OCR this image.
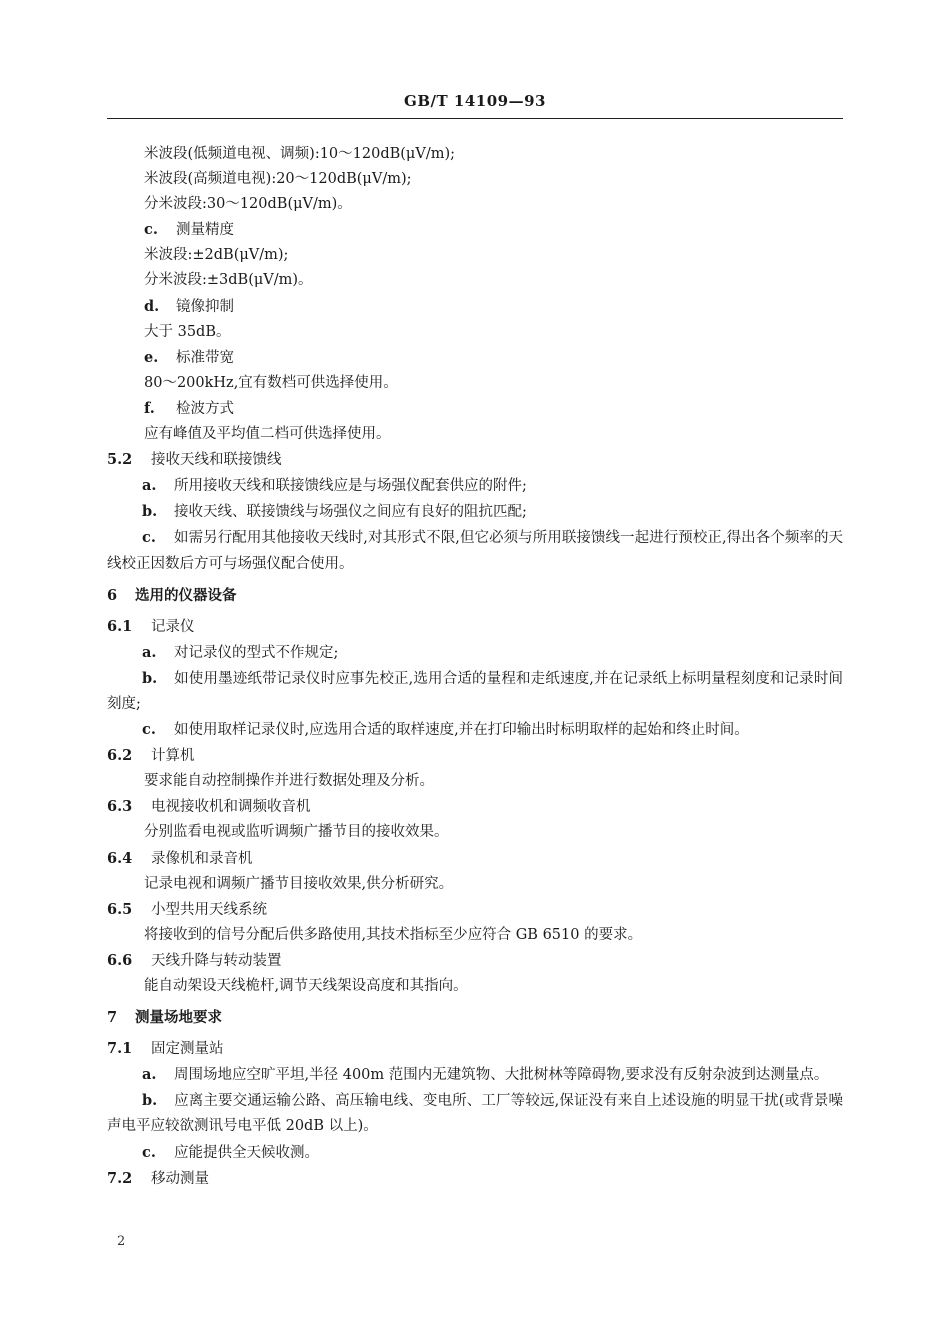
GB/T 14109—93

米波段(低频道电视、调频):10～120dB(μV/m);

米波段(高频道电视):20～120dB(μV/m);

分米波段:30～120dB(μV/m)。

c. 测量精度

米波段:±2dB(μV/m);

分米波段:±3dB(μV/m)。

d. 镜像抑制

大于 35dB。

e. 标准带宽

80～200kHz,宜有数档可供选择使用。

f. 检波方式

应有峰值及平均值二档可供选择使用。

5.2 接收天线和联接馈线

a. 所用接收天线和联接馈线应是与场强仪配套供应的附件;

b. 接收天线、联接馈线与场强仪之间应有良好的阻抗匹配;

c. 如需另行配用其他接收天线时,对其形式不限,但它必须与所用联接馈线一起进行预校正,得出各个频率的天线校正因数后方可与场强仪配合使用。

6 选用的仪器设备

6.1 记录仪

a. 对记录仪的型式不作规定;

b. 如使用墨迹纸带记录仪时应事先校正,选用合适的量程和走纸速度,并在记录纸上标明量程刻度和记录时间刻度;

c. 如使用取样记录仪时,应选用合适的取样速度,并在打印输出时标明取样的起始和终止时间。

6.2 计算机

要求能自动控制操作并进行数据处理及分析。

6.3 电视接收机和调频收音机

分别监看电视或监听调频广播节目的接收效果。

6.4 录像机和录音机

记录电视和调频广播节目接收效果,供分析研究。

6.5 小型共用天线系统

将接收到的信号分配后供多路使用,其技术指标至少应符合 GB 6510 的要求。

6.6 天线升降与转动装置

能自动架设天线桅杆,调节天线架设高度和其指向。

7 测量场地要求

7.1 固定测量站

a. 周围场地应空旷平坦,半径 400m 范围内无建筑物、大批树林等障碍物,要求没有反射杂波到达测量点。

b. 应离主要交通运输公路、高压输电线、变电所、工厂等较远,保证没有来自上述设施的明显干扰(或背景噪声电平应较欲测讯号电平低 20dB 以上)。

c. 应能提供全天候收测。

7.2 移动测量

2
